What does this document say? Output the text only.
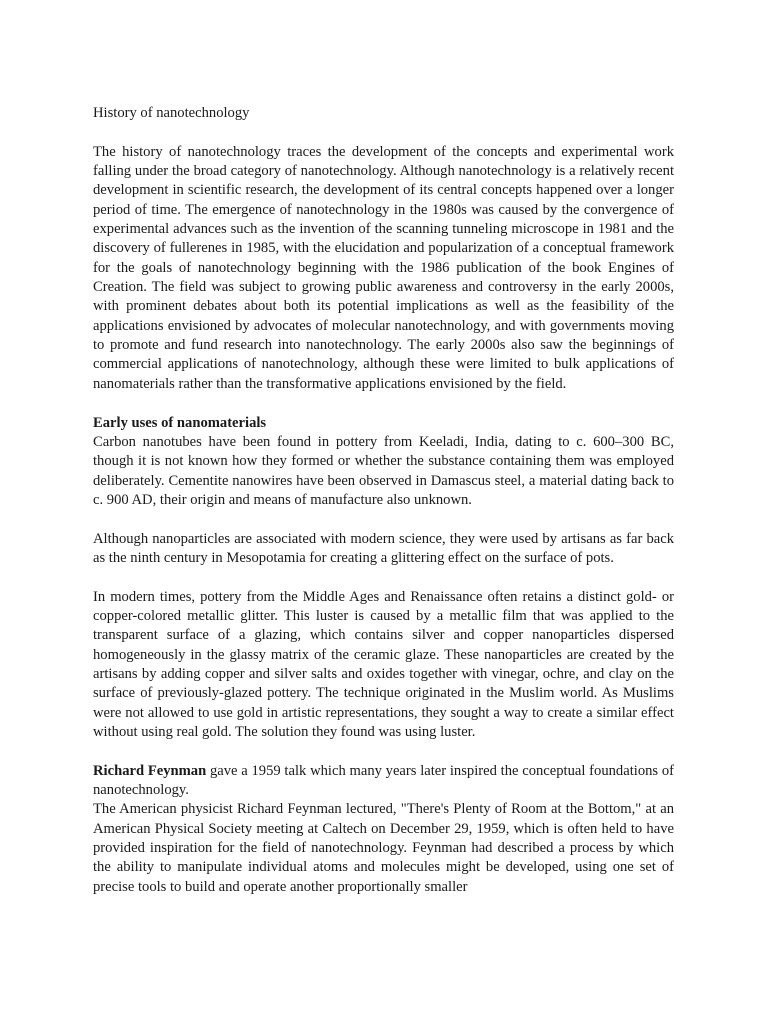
History of nanotechnology

The history of nanotechnology traces the development of the concepts and experimental work falling under the broad category of nanotechnology. Although nanotechnology is a relatively recent development in scientific research, the development of its central concepts happened over a longer period of time. The emergence of nanotechnology in the 1980s was caused by the convergence of experimental advances such as the invention of the scanning tunneling microscope in 1981 and the discovery of fullerenes in 1985, with the elucidation and popularization of a conceptual framework for the goals of nanotechnology beginning with the 1986 publication of the book Engines of Creation. The field was subject to growing public awareness and controversy in the early 2000s, with prominent debates about both its potential implications as well as the feasibility of the applications envisioned by advocates of molecular nanotechnology, and with governments moving to promote and fund research into nanotechnology. The early 2000s also saw the beginnings of commercial applications of nanotechnology, although these were limited to bulk applications of nanomaterials rather than the transformative applications envisioned by the field.

Early uses of nanomaterials

Carbon nanotubes have been found in pottery from Keeladi, India, dating to c. 600–300 BC, though it is not known how they formed or whether the substance containing them was employed deliberately. Cementite nanowires have been observed in Damascus steel, a material dating back to c. 900 AD, their origin and means of manufacture also unknown.

Although nanoparticles are associated with modern science, they were used by artisans as far back as the ninth century in Mesopotamia for creating a glittering effect on the surface of pots.

In modern times, pottery from the Middle Ages and Renaissance often retains a distinct gold- or copper-colored metallic glitter. This luster is caused by a metallic film that was applied to the transparent surface of a glazing, which contains silver and copper nanoparticles dispersed homogeneously in the glassy matrix of the ceramic glaze. These nanoparticles are created by the artisans by adding copper and silver salts and oxides together with vinegar, ochre, and clay on the surface of previously-glazed pottery. The technique originated in the Muslim world. As Muslims were not allowed to use gold in artistic representations, they sought a way to create a similar effect without using real gold. The solution they found was using luster.

Richard Feynman gave a 1959 talk which many years later inspired the conceptual foundations of nanotechnology.

The American physicist Richard Feynman lectured, "There's Plenty of Room at the Bottom," at an American Physical Society meeting at Caltech on December 29, 1959, which is often held to have provided inspiration for the field of nanotechnology. Feynman had described a process by which the ability to manipulate individual atoms and molecules might be developed, using one set of precise tools to build and operate another proportionally smaller
